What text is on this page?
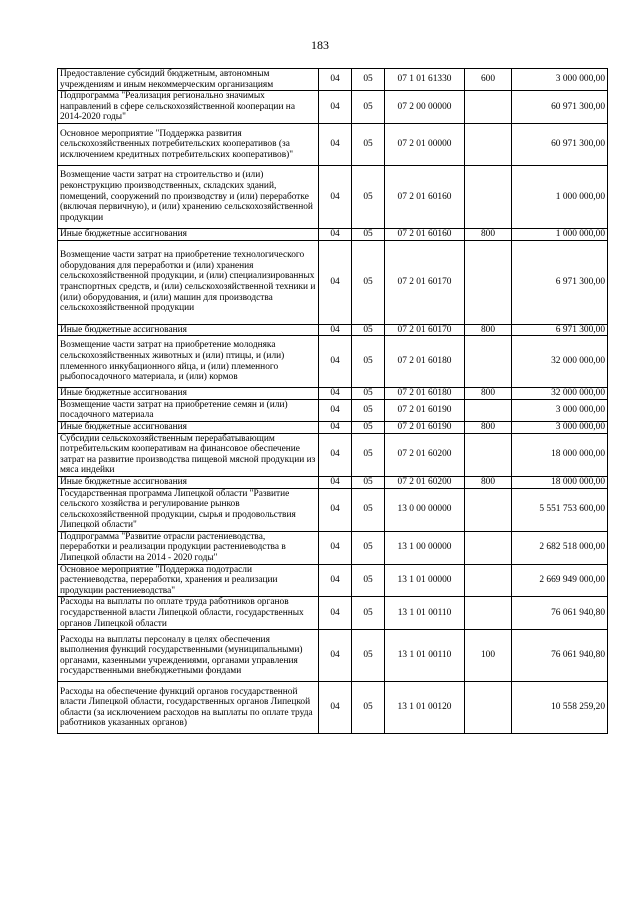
183
Предоставление субсидий бюджетным, автономным учреждениям и иным некоммерческим организациям	04	05	07 1 01 61330	600	3 000 000,00
Подпрограмма "Реализация регионально значимых направлений в сфере сельскохозяйственной кооперации на 2014-2020 годы"	04	05	07 2 00 00000		60 971 300,00
Основное мероприятие "Поддержка развития сельскохозяйственных потребительских кооперативов (за исключением кредитных потребительских кооперативов)"	04	05	07 2 01 00000		60 971 300,00
Возмещение части затрат на строительство и (или) реконструкцию производственных, складских зданий, помещений, сооружений по производству и (или) переработке (включая первичную), и (или) хранению сельскохозяйственной продукции	04	05	07 2 01 60160		1 000 000,00
Иные бюджетные ассигнования	04	05	07 2 01 60160	800	1 000 000,00
Возмещение части затрат на приобретение технологического оборудования для переработки и (или) хранения сельскохозяйственной продукции, и (или) специализированных транспортных средств, и (или) сельскохозяйственной техники и (или) оборудования, и (или) машин для производства сельскохозяйственной продукции	04	05	07 2 01 60170		6 971 300,00
Иные бюджетные ассигнования	04	05	07 2 01 60170	800	6 971 300,00
Возмещение части затрат на приобретение молодняка сельскохозяйственных животных и (или) птицы, и (или) племенного инкубационного яйца, и (или) племенного рыбопосадочного материала, и (или) кормов	04	05	07 2 01 60180		32 000 000,00
Иные бюджетные ассигнования	04	05	07 2 01 60180	800	32 000 000,00
Возмещение части затрат на приобретение семян и (или) посадочного материала	04	05	07 2 01 60190		3 000 000,00
Иные бюджетные ассигнования	04	05	07 2 01 60190	800	3 000 000,00
Субсидии сельскохозяйственным перерабатывающим потребительским кооперативам на финансовое обеспечение затрат на развитие производства пищевой мясной продукции из мяса индейки	04	05	07 2 01 60200		18 000 000,00
Иные бюджетные ассигнования	04	05	07 2 01 60200	800	18 000 000,00
Государственная программа Липецкой области "Развитие сельского хозяйства и регулирование рынков сельскохозяйственной продукции, сырья и продовольствия Липецкой области"	04	05	13 0 00 00000		5 551 753 600,00
Подпрограмма "Развитие отрасли растениеводства, переработки и реализации продукции растениеводства в Липецкой области на 2014 - 2020 годы"	04	05	13 1 00 00000		2 682 518 000,00
Основное мероприятие "Поддержка подотрасли растениеводства, переработки, хранения и реализации продукции растениеводства"	04	05	13 1 01 00000		2 669 949 000,00
Расходы на выплаты по оплате труда работников органов государственной власти Липецкой области, государственных органов Липецкой области	04	05	13 1 01 00110		76 061 940,80
Расходы на выплаты персоналу в целях обеспечения выполнения функций государственными (муниципальными) органами, казенными учреждениями, органами управления государственными внебюджетными фондами	04	05	13 1 01 00110	100	76 061 940,80
Расходы на обеспечение функций органов государственной власти Липецкой области, государственных органов Липецкой области (за исключением расходов на выплаты по оплате труда работников указанных органов)	04	05	13 1 01 00120		10 558 259,20
